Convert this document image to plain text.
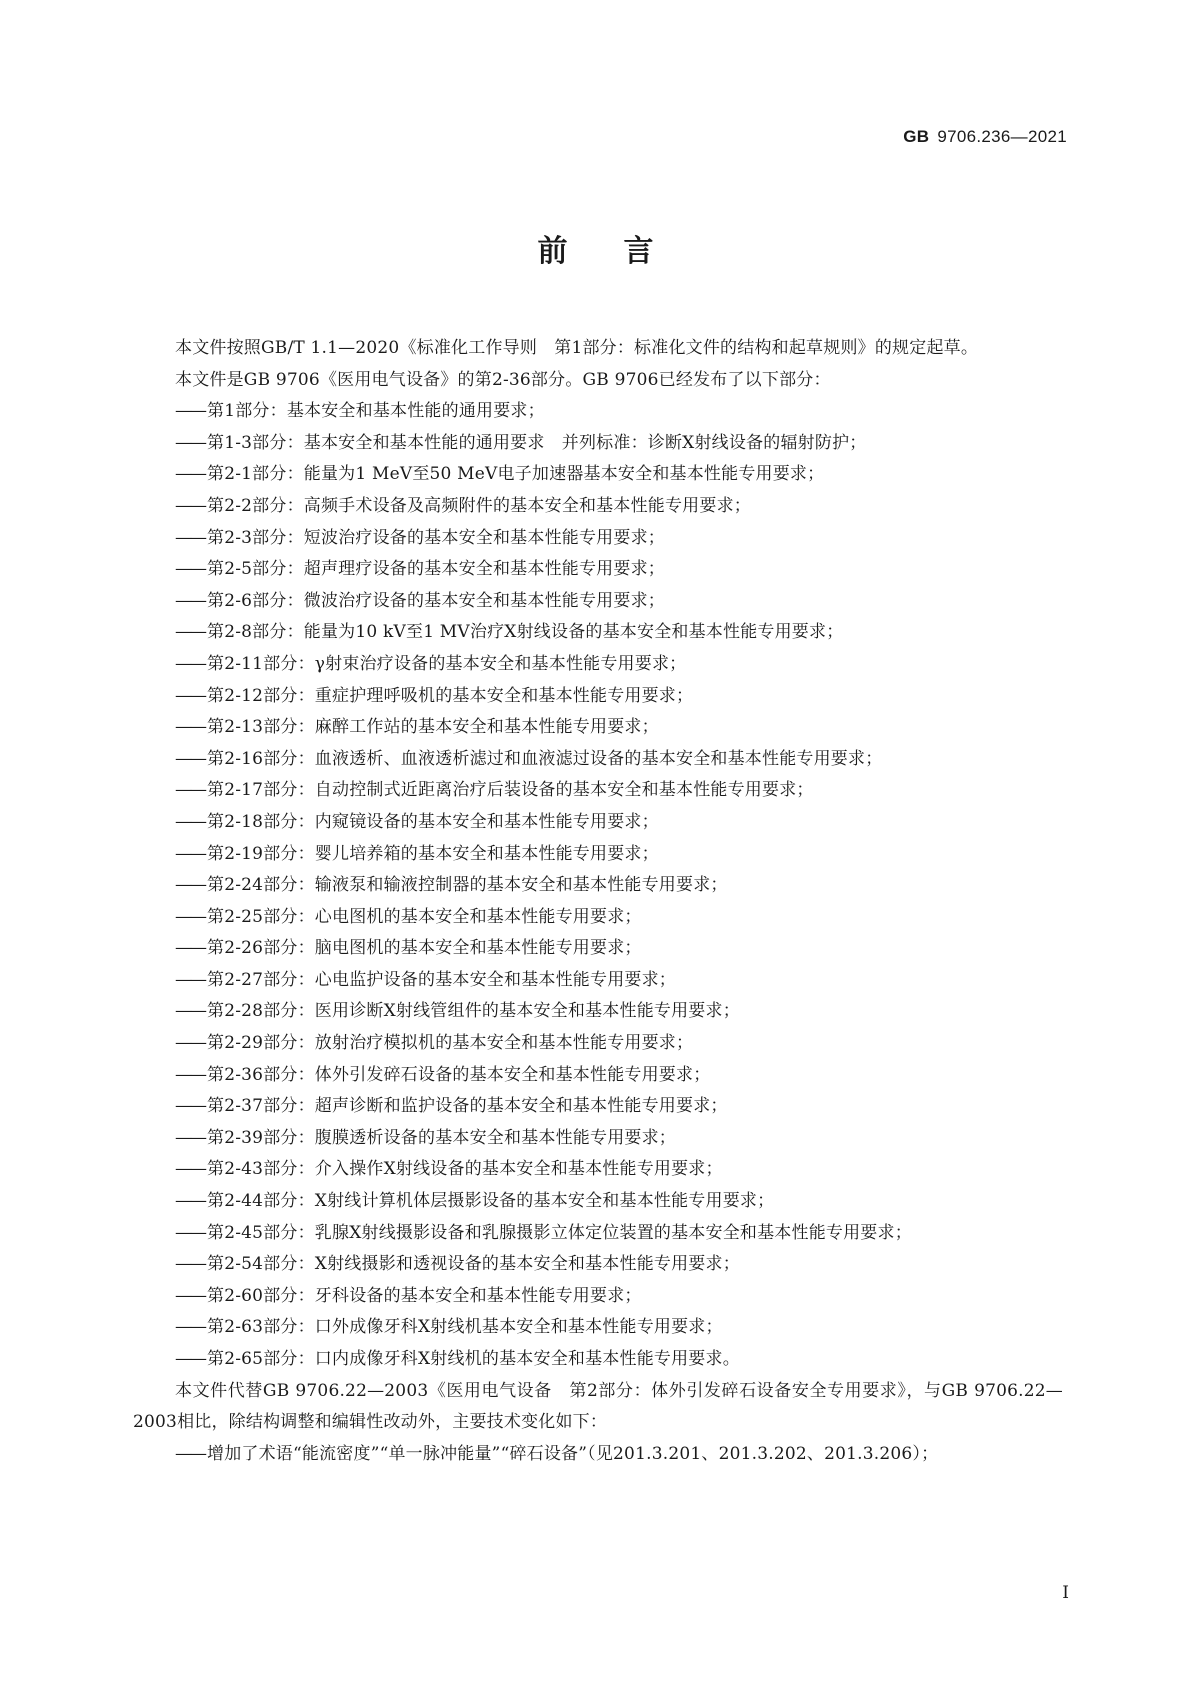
GB 9706.236—2021
前言

本文件按照GB/T 1.1—2020《标准化工作导则　第1部分：标准化文件的结构和起草规则》的规定起草。

本文件是GB 9706《医用电气设备》的第2-36部分。GB 9706已经发布了以下部分：

—— 第1部分：基本安全和基本性能的通用要求；
—— 第1-3部分：基本安全和基本性能的通用要求　并列标准：诊断X射线设备的辐射防护；
—— 第2-1部分：能量为1 MeV至50 MeV电子加速器基本安全和基本性能专用要求；
—— 第2-2部分：高频手术设备及高频附件的基本安全和基本性能专用要求；
—— 第2-3部分：短波治疗设备的基本安全和基本性能专用要求；
—— 第2-5部分：超声理疗设备的基本安全和基本性能专用要求；
—— 第2-6部分：微波治疗设备的基本安全和基本性能专用要求；
—— 第2-8部分：能量为10 kV至1 MV治疗X射线设备的基本安全和基本性能专用要求；
—— 第2-11部分：γ射束治疗设备的基本安全和基本性能专用要求；
—— 第2-12部分：重症护理呼吸机的基本安全和基本性能专用要求；
—— 第2-13部分：麻醉工作站的基本安全和基本性能专用要求；
—— 第2-16部分：血液透析、血液透析滤过和血液滤过设备的基本安全和基本性能专用要求；
—— 第2-17部分：自动控制式近距离治疗后装设备的基本安全和基本性能专用要求；
—— 第2-18部分：内窥镜设备的基本安全和基本性能专用要求；
—— 第2-19部分：婴儿培养箱的基本安全和基本性能专用要求；
—— 第2-24部分：输液泵和输液控制器的基本安全和基本性能专用要求；
—— 第2-25部分：心电图机的基本安全和基本性能专用要求；
—— 第2-26部分：脑电图机的基本安全和基本性能专用要求；
—— 第2-27部分：心电监护设备的基本安全和基本性能专用要求；
—— 第2-28部分：医用诊断X射线管组件的基本安全和基本性能专用要求；
—— 第2-29部分：放射治疗模拟机的基本安全和基本性能专用要求；
—— 第2-36部分：体外引发碎石设备的基本安全和基本性能专用要求；
—— 第2-37部分：超声诊断和监护设备的基本安全和基本性能专用要求；
—— 第2-39部分：腹膜透析设备的基本安全和基本性能专用要求；
—— 第2-43部分：介入操作X射线设备的基本安全和基本性能专用要求；
—— 第2-44部分：X射线计算机体层摄影设备的基本安全和基本性能专用要求；
—— 第2-45部分：乳腺X射线摄影设备和乳腺摄影立体定位装置的基本安全和基本性能专用要求；
—— 第2-54部分：X射线摄影和透视设备的基本安全和基本性能专用要求；
—— 第2-60部分：牙科设备的基本安全和基本性能专用要求；
—— 第2-63部分：口外成像牙科X射线机基本安全和基本性能专用要求；
—— 第2-65部分：口内成像牙科X射线机的基本安全和基本性能专用要求。

本文件代替GB 9706.22—2003《医用电气设备　第2部分：体外引发碎石设备安全专用要求》，与GB 9706.22—2003相比，除结构调整和编辑性改动外，主要技术变化如下：

—— 增加了术语“能流密度”“单一脉冲能量”“碎石设备”（见201.3.201、201.3.202、201.3.206）；
I
